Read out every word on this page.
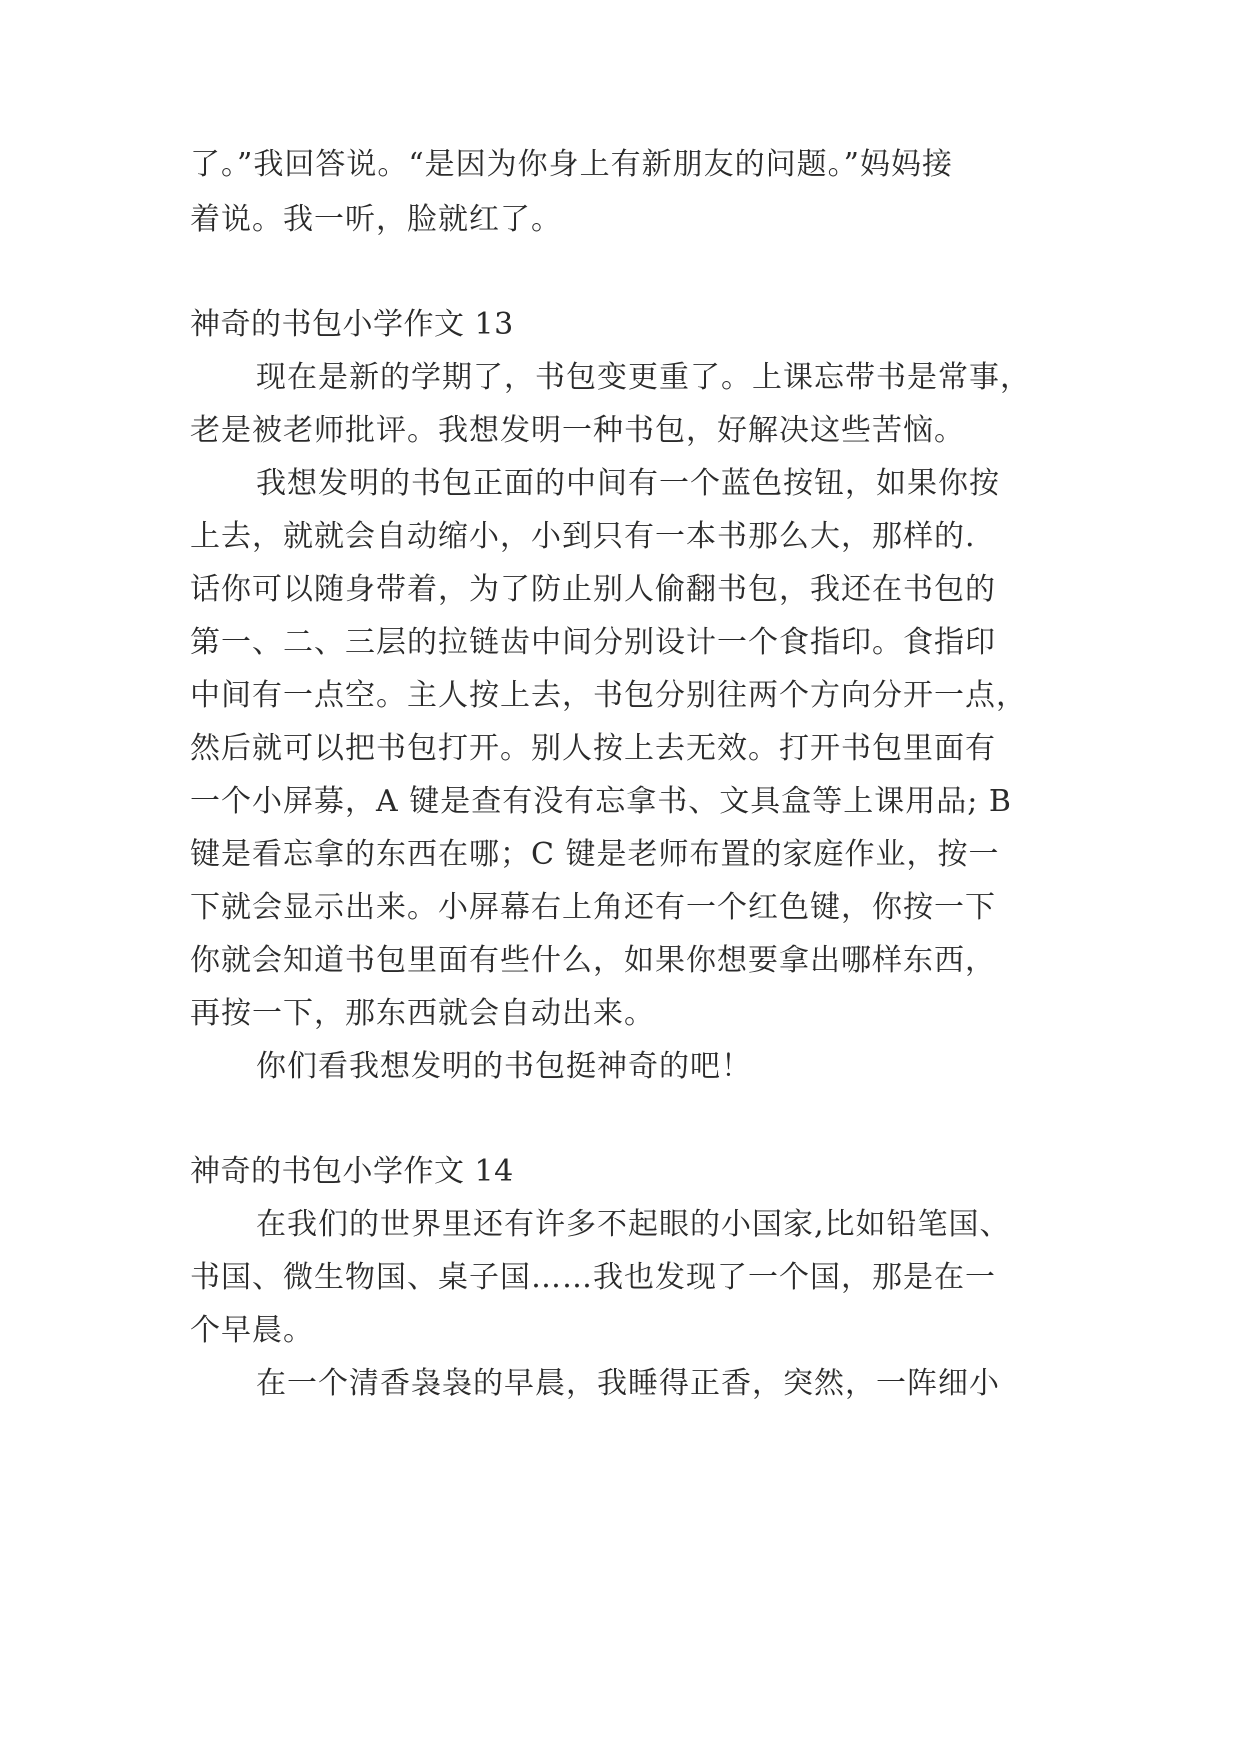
了。”我回答说。“是因为你身上有新朋友的问题。”妈妈接
着说。我一听，脸就红了。
神奇的书包小学作文 13
现在是新的学期了，书包变更重了。上课忘带书是常事，
老是被老师批评。我想发明一种书包，好解决这些苦恼。
我想发明的书包正面的中间有一个蓝色按钮，如果你按
上去，就就会自动缩小，小到只有一本书那么大，那样的.
话你可以随身带着，为了防止别人偷翻书包，我还在书包的
第一、二、三层的拉链齿中间分别设计一个食指印。食指印
中间有一点空。主人按上去，书包分别往两个方向分开一点，
然后就可以把书包打开。别人按上去无效。打开书包里面有
一个小屏募，A 键是查有没有忘拿书、文具盒等上课用品; B
键是看忘拿的东西在哪；C 键是老师布置的家庭作业，按一
下就会显示出来。小屏幕右上角还有一个红色键，你按一下
你就会知道书包里面有些什么，如果你想要拿出哪样东西，
再按一下，那东西就会自动出来。
你们看我想发明的书包挺神奇的吧！
神奇的书包小学作文 14
在我们的世界里还有许多不起眼的小国家,比如铅笔国、
书国、微生物国、桌子国……我也发现了一个国，那是在一
个早晨。
在一个清香袅袅的早晨，我睡得正香，突然，一阵细小
